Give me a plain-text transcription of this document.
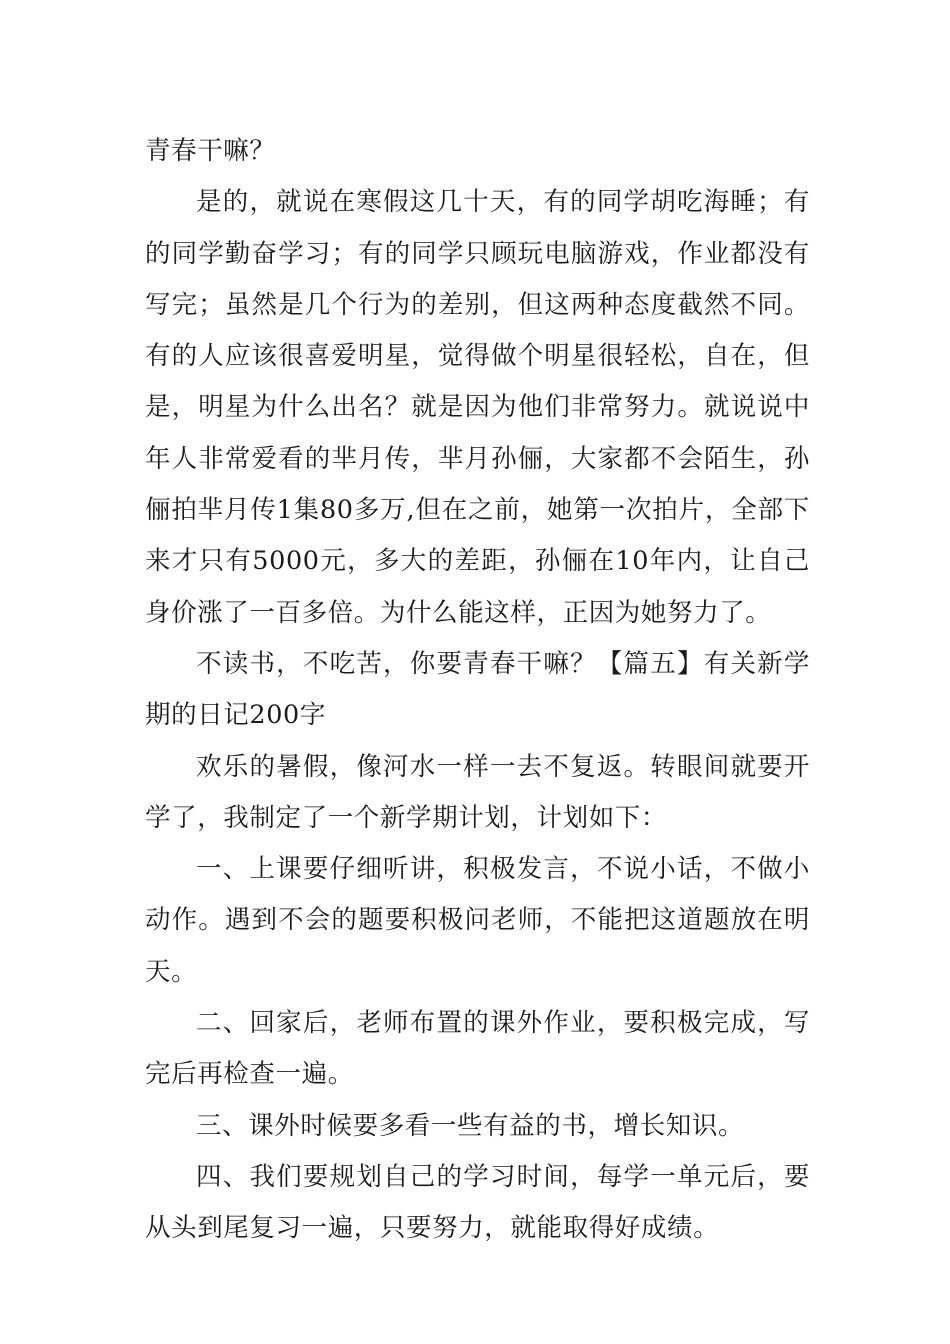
青春干嘛？

是的，就说在寒假这几十天，有的同学胡吃海睡；有的同学勤奋学习；有的同学只顾玩电脑游戏，作业都没有写完；虽然是几个行为的差别，但这两种态度截然不同。有的人应该很喜爱明星，觉得做个明星很轻松，自在，但是，明星为什么出名？就是因为他们非常努力。就说说中年人非常爱看的芈月传，芈月孙俪，大家都不会陌生，孙俪拍芈月传1集80多万,但在之前，她第一次拍片，全部下来才只有5000元，多大的差距，孙俪在10年内，让自己身价涨了一百多倍。为什么能这样，正因为她努力了。

不读书，不吃苦，你要青春干嘛？【篇五】有关新学期的日记200字

欢乐的暑假，像河水一样一去不复返。转眼间就要开学了，我制定了一个新学期计划，计划如下：

一、上课要仔细听讲，积极发言，不说小话，不做小动作。遇到不会的题要积极问老师，不能把这道题放在明天。

二、回家后，老师布置的课外作业，要积极完成，写完后再检查一遍。

三、课外时候要多看一些有益的书，增长知识。

四、我们要规划自己的学习时间，每学一单元后，要从头到尾复习一遍，只要努力，就能取得好成绩。
